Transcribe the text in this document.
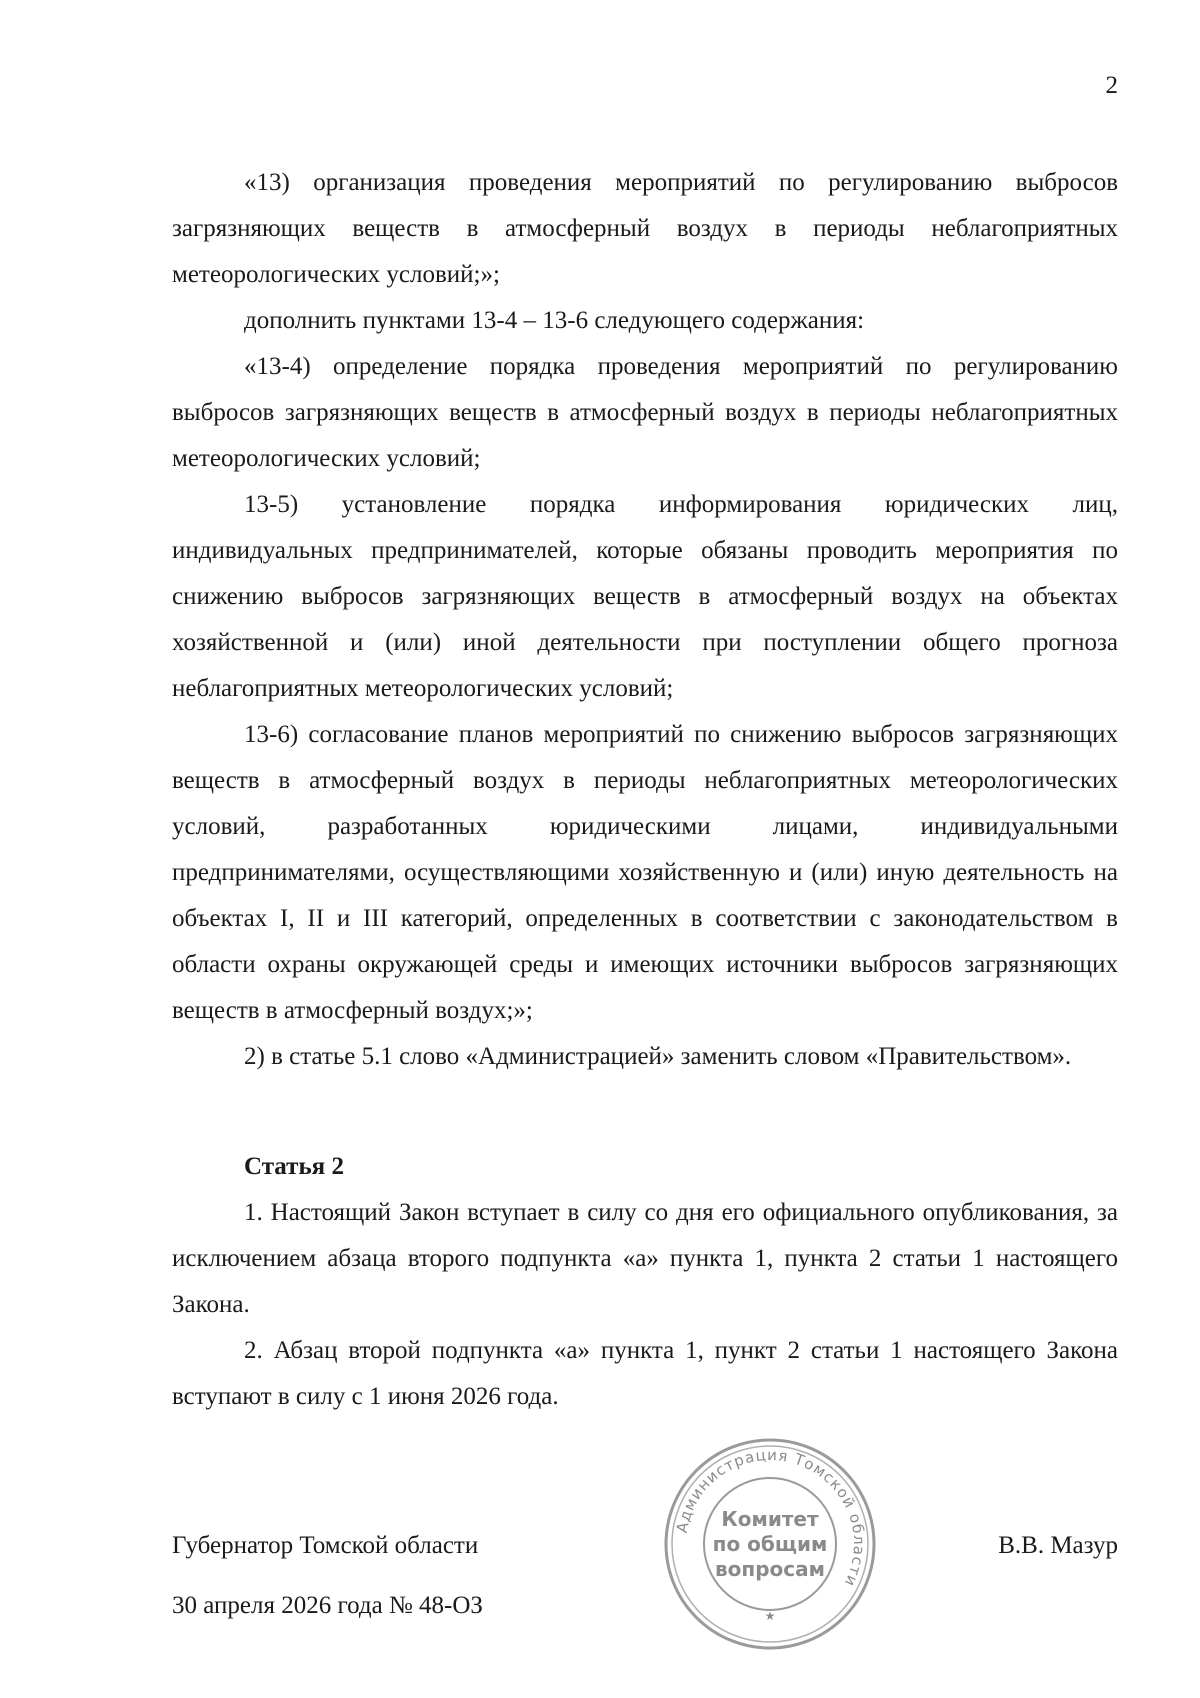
2

«13) организация проведения мероприятий по регулированию выбросов загрязняющих веществ в атмосферный воздух в периоды неблагоприятных метеорологических условий;»;

дополнить пунктами 13-4 – 13-6 следующего содержания:

«13-4) определение порядка проведения мероприятий по регулированию выбросов загрязняющих веществ в атмосферный воздух в периоды неблагоприятных метеорологических условий;

13-5) установление порядка информирования юридических лиц, индивидуальных предпринимателей, которые обязаны проводить мероприятия по снижению выбросов загрязняющих веществ в атмосферный воздух на объектах хозяйственной и (или) иной деятельности при поступлении общего прогноза неблагоприятных метеорологических условий;

13-6) согласование планов мероприятий по снижению выбросов загрязняющих веществ в атмосферный воздух в периоды неблагоприятных метеорологических условий, разработанных юридическими лицами, индивидуальными предпринимателями, осуществляющими хозяйственную и (или) иную деятельность на объектах I, II и III категорий, определенных в соответствии с законодательством в области охраны окружающей среды и имеющих источники выбросов загрязняющих веществ в атмосферный воздух;»;

2) в статье 5.1 слово «Администрацией» заменить словом «Правительством».

Статья 2

1. Настоящий Закон вступает в силу со дня его официального опубликования, за исключением абзаца второго подпункта «а» пункта 1, пункта 2 статьи 1 настоящего Закона.

2. Абзац второй подпункта «а» пункта 1, пункт 2 статьи 1 настоящего Закона вступают в силу с 1 июня 2026 года.

Губернатор Томской области
30 апреля 2026 года № 48-ОЗ
В.В. Мазур
Администрация Томской области
Комитет
по общим
вопросам
★
